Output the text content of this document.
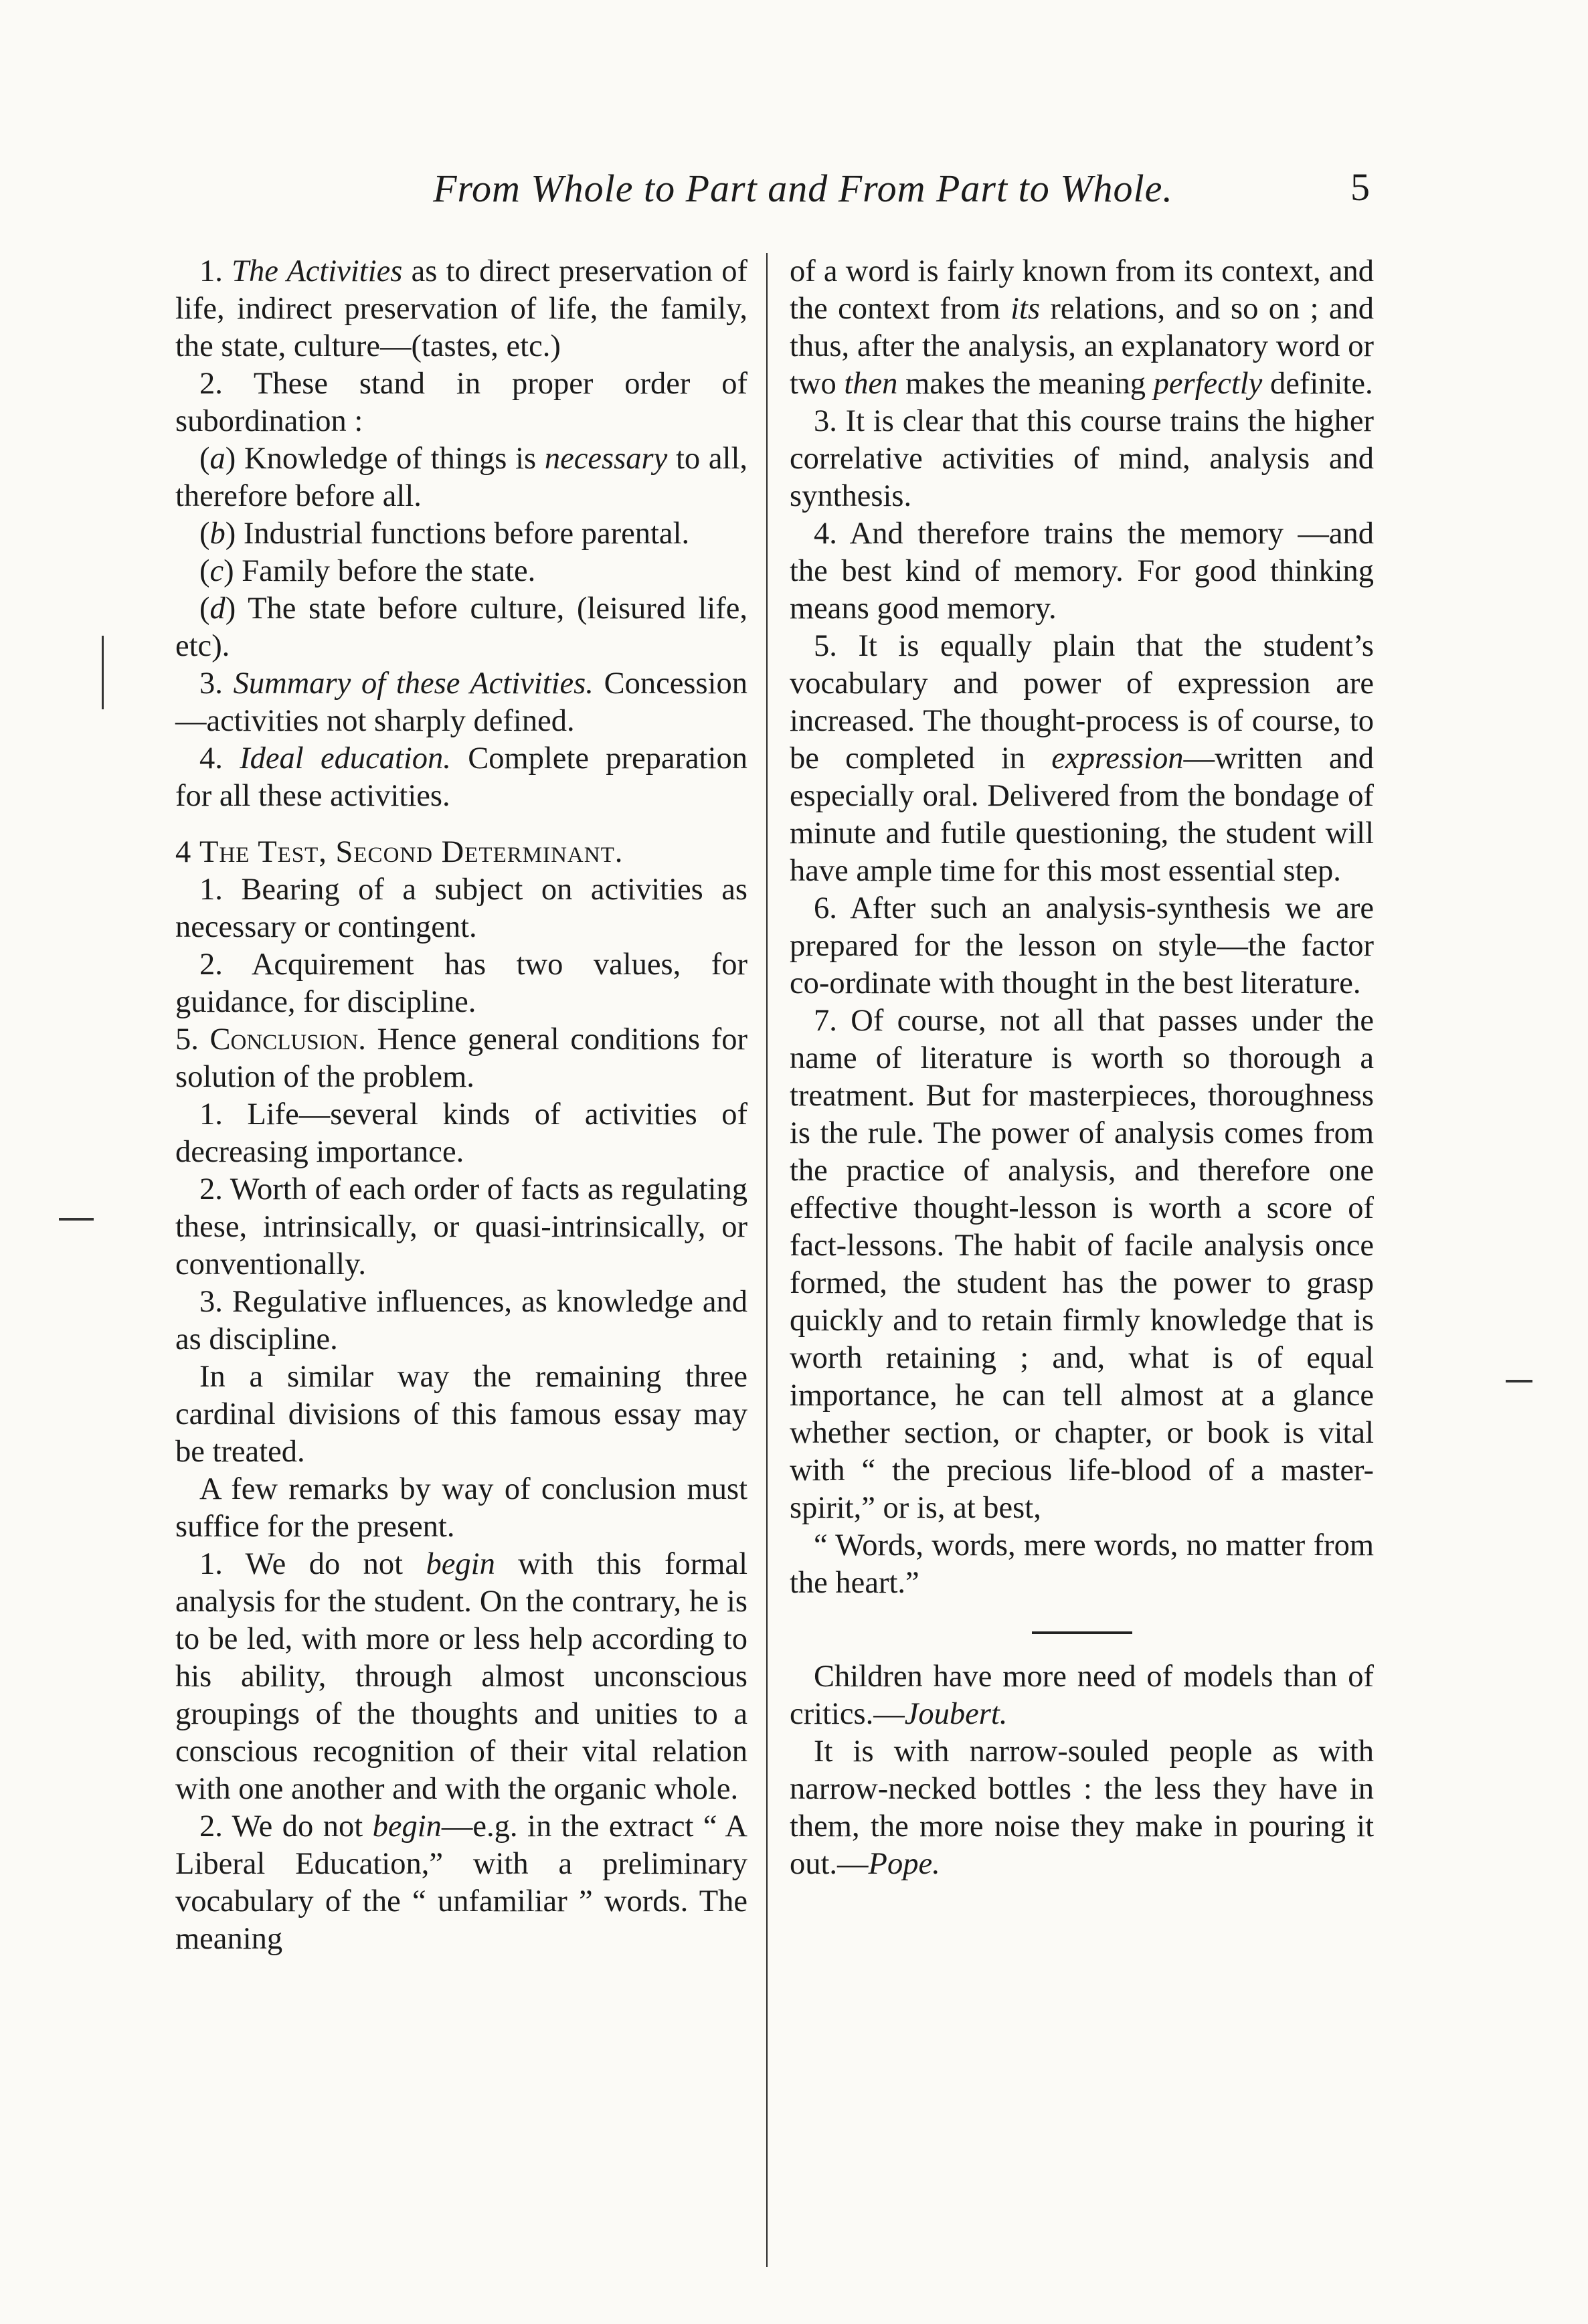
From Whole to Part and From Part to Whole.	5

1. The Activities as to direct preservation of life, indirect preservation of life, the family, the state, culture—(tastes, etc.)

2. These stand in proper order of subordination :

(a) Knowledge of things is necessary to all, therefore before all.

(b) Industrial functions before parental.

(c) Family before the state.

(d) The state before culture, (leisured life, etc).

3. Summary of these Activities. Concession—activities not sharply defined.

4. Ideal education. Complete preparation for all these activities.

4 The Test, Second Determinant.

1. Bearing of a subject on activities as necessary or contingent.

2. Acquirement has two values, for guidance, for discipline.

5. Conclusion. Hence general conditions for solution of the problem.

1. Life—several kinds of activities of decreasing importance.

2. Worth of each order of facts as regulating these, intrinsically, or quasi-intrinsically, or conventionally.

3. Regulative influences, as knowledge and as discipline.

In a similar way the remaining three cardinal divisions of this famous essay may be treated.

A few remarks by way of conclusion must suffice for the present.

1. We do not begin with this formal analysis for the student. On the contrary, he is to be led, with more or less help according to his ability, through almost unconscious groupings of the thoughts and unities to a conscious recognition of their vital relation with one another and with the organic whole.

2. We do not begin—e.g. in the extract “ A Liberal Education,” with a preliminary vocabulary of the “ unfamiliar ” words. The meaning

of a word is fairly known from its context, and the context from its relations, and so on ; and thus, after the analysis, an explanatory word or two then makes the meaning perfectly definite.

3. It is clear that this course trains the higher correlative activities of mind, analysis and synthesis.

4. And therefore trains the memory —and the best kind of memory. For good thinking means good memory.

5. It is equally plain that the student’s vocabulary and power of expression are increased. The thought-process is of course, to be completed in expression—written and especially oral. Delivered from the bondage of minute and futile questioning, the student will have ample time for this most essential step.

6. After such an analysis-synthesis we are prepared for the lesson on style—the factor co-ordinate with thought in the best literature.

7. Of course, not all that passes under the name of literature is worth so thorough a treatment. But for masterpieces, thoroughness is the rule. The power of analysis comes from the practice of analysis, and therefore one effective thought-lesson is worth a score of fact-lessons. The habit of facile analysis once formed, the student has the power to grasp quickly and to retain firmly knowledge that is worth retaining ; and, what is of equal importance, he can tell almost at a glance whether section, or chapter, or book is vital with “ the precious life-blood of a master-spirit,” or is, at best,

“ Words, words, mere words, no matter from the heart.”

Children have more need of models than of critics.—Joubert.

It is with narrow-souled people as with narrow-necked bottles : the less they have in them, the more noise they make in pouring it out.—Pope.
